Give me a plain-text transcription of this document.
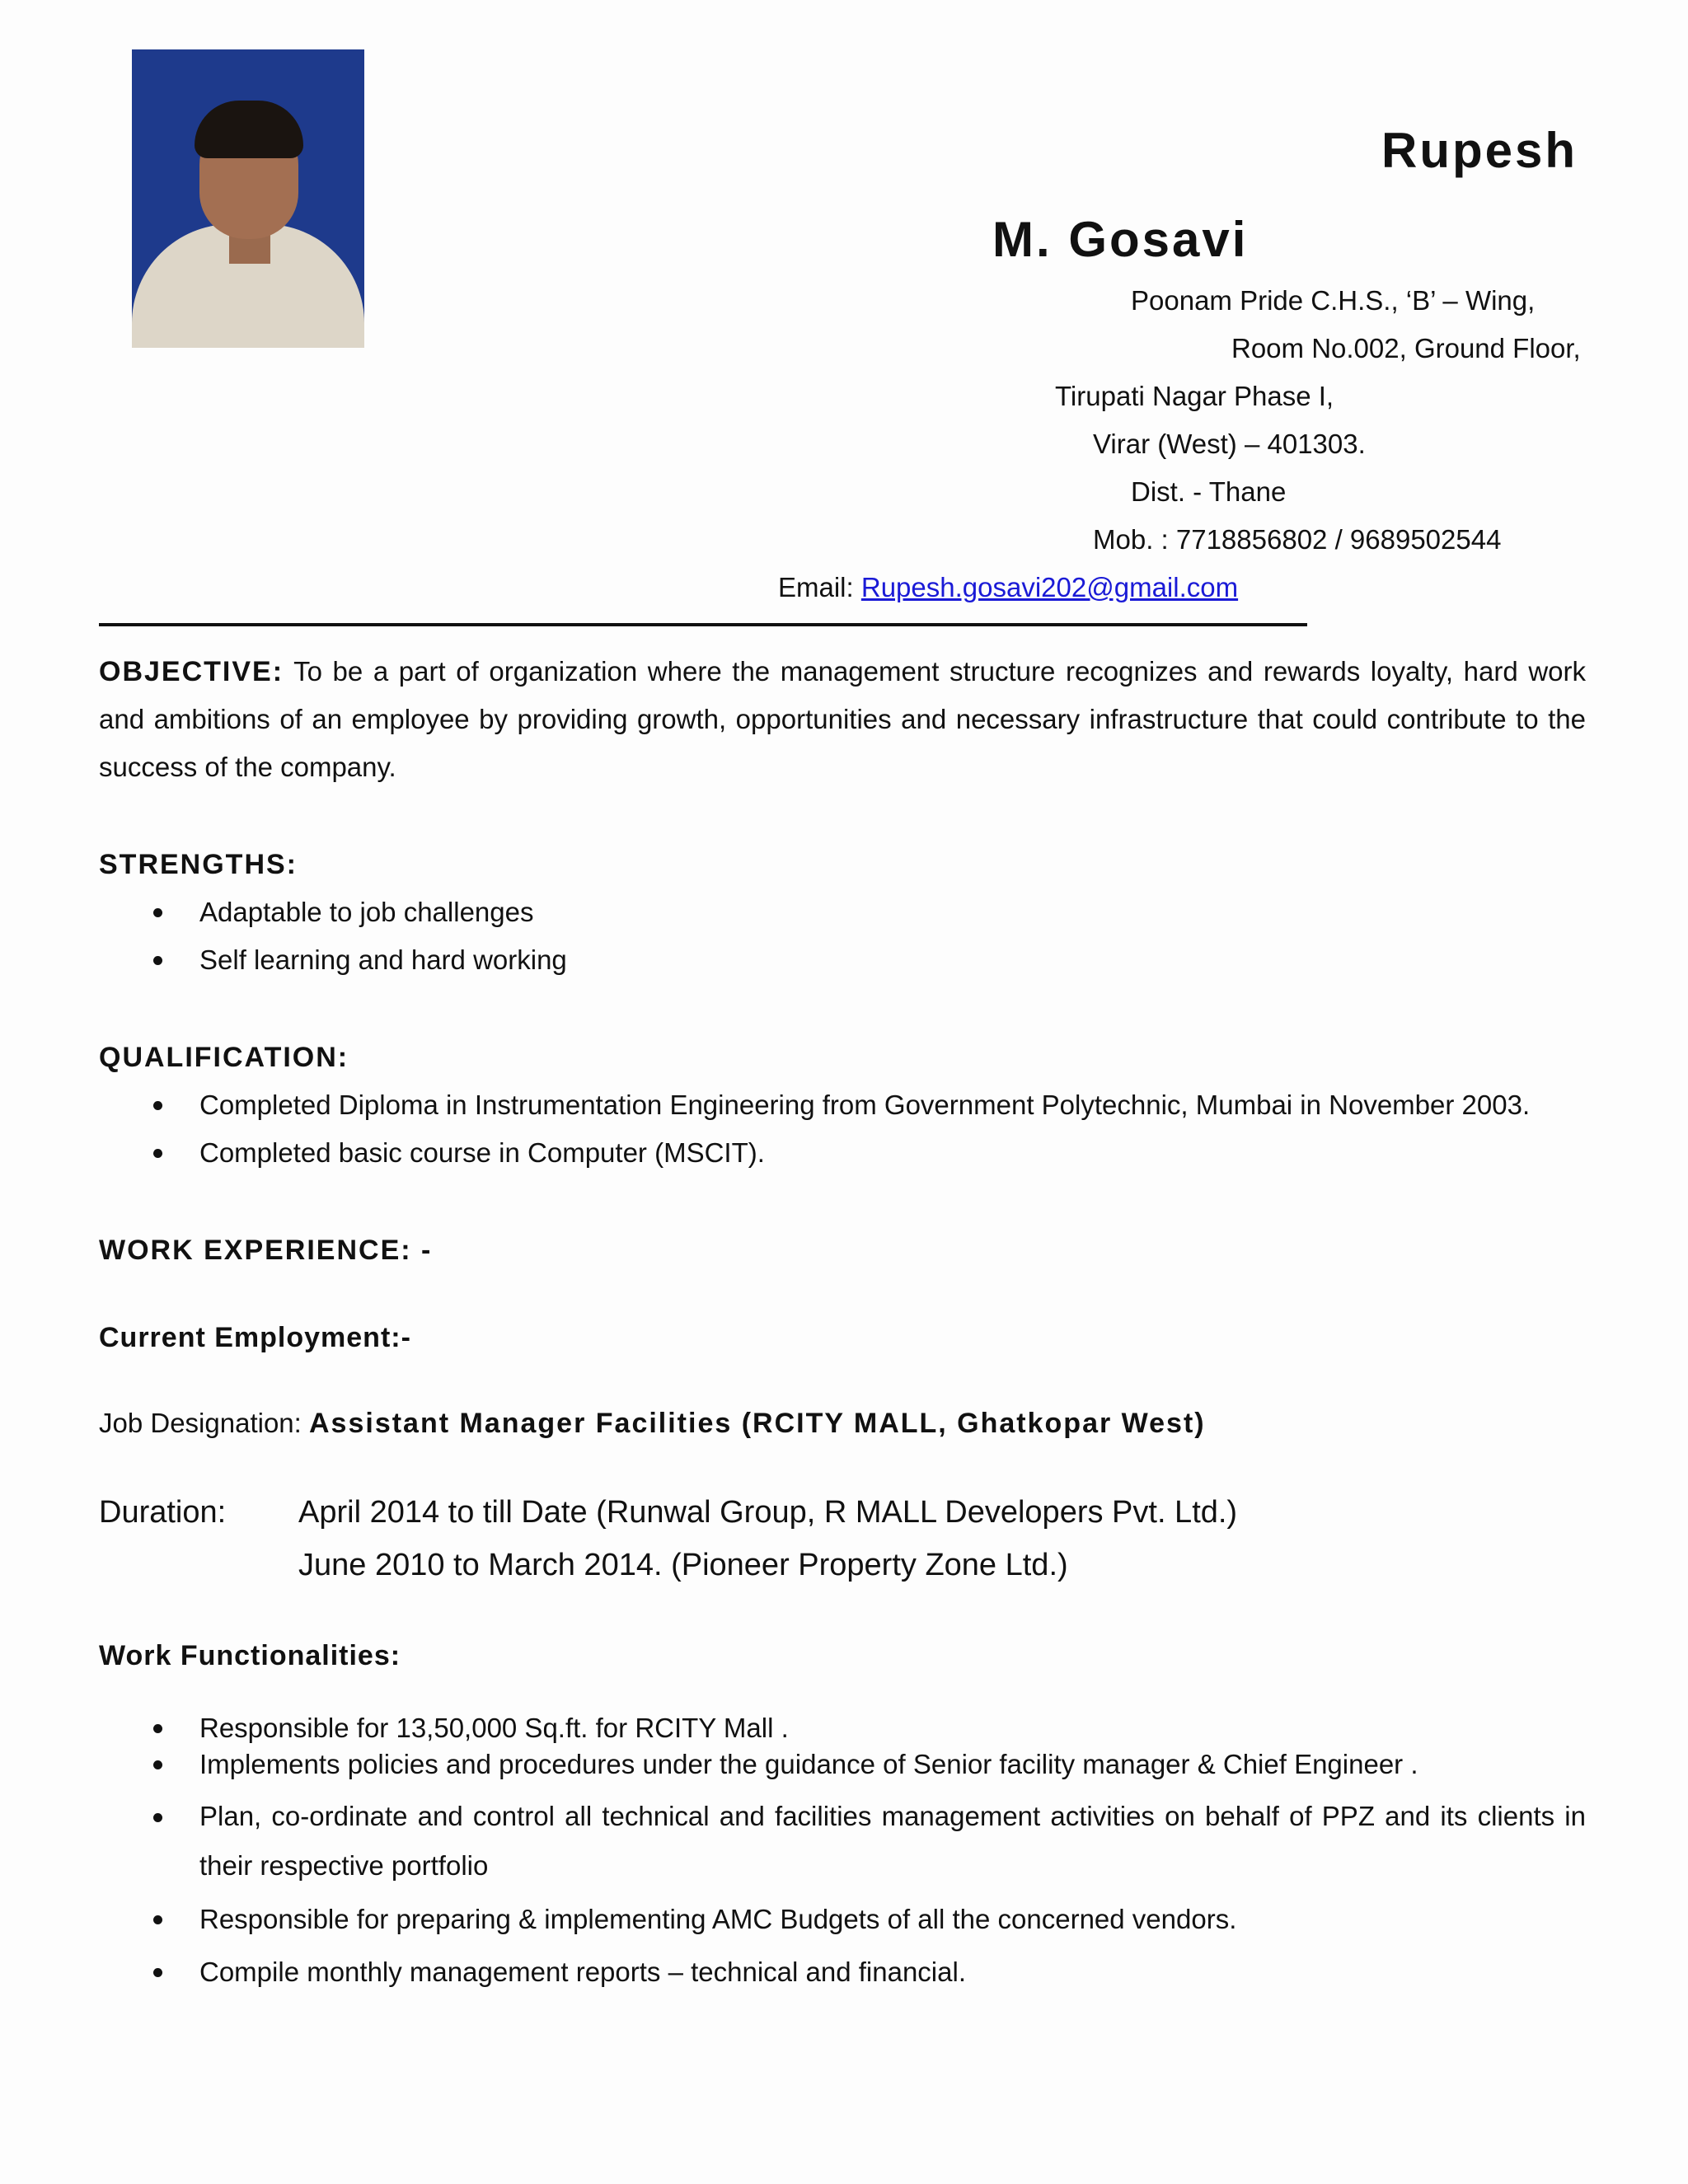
Rupesh
M. Gosavi
Poonam Pride C.H.S., ‘B’ – Wing,
Room No.002, Ground Floor,
Tirupati Nagar Phase I,
Virar (West) – 401303.
Dist. - Thane
Mob. : 7718856802 / 9689502544
Email: Rupesh.gosavi202@gmail.com
OBJECTIVE: To be a part of organization where the management structure recognizes and rewards loyalty, hard work and ambitions of an employee by providing growth, opportunities and necessary infrastructure that could contribute to the success of the company.
STRENGTHS:
Adaptable to job challenges
Self learning and hard working
QUALIFICATION:
Completed Diploma in Instrumentation Engineering from Government Polytechnic, Mumbai in November 2003.
Completed basic course in Computer (MSCIT).
WORK EXPERIENCE: -
Current Employment:-
Job Designation: Assistant Manager Facilities (RCITY MALL, Ghatkopar West)
Duration: April 2014 to till Date (Runwal Group, R MALL Developers Pvt. Ltd.)
June 2010 to March 2014. (Pioneer Property Zone Ltd.)
Work Functionalities:
Responsible for 13,50,000 Sq.ft. for RCITY Mall .
Implements policies and procedures under the guidance of Senior facility manager & Chief Engineer .
Plan, co-ordinate and control all technical and facilities management activities on behalf of PPZ and its clients in their respective portfolio
Responsible for preparing & implementing AMC Budgets of all the concerned vendors.
Compile monthly management reports – technical and financial.
